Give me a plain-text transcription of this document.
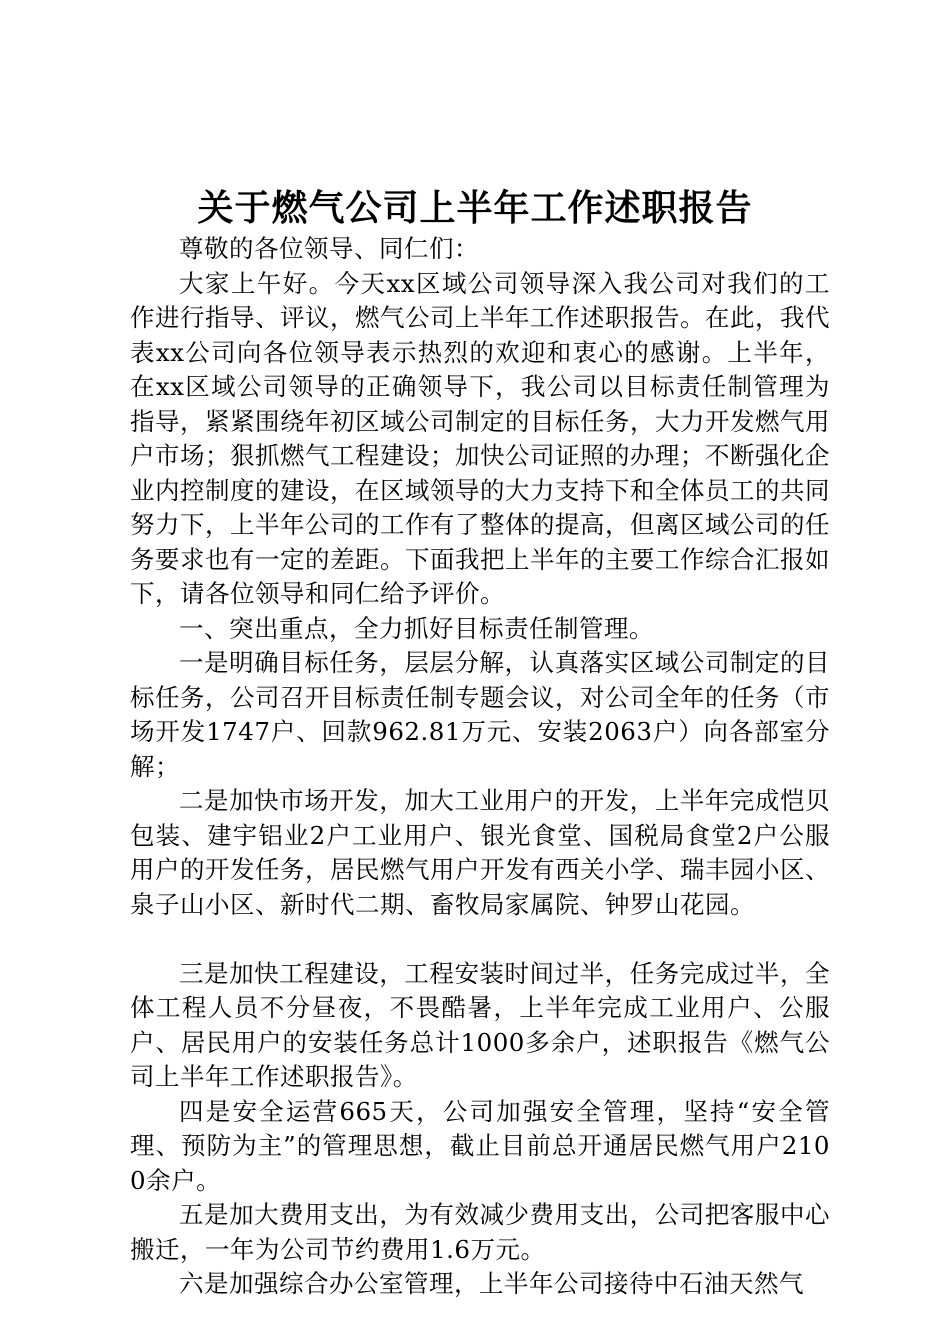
关于燃气公司上半年工作述职报告

尊敬的各位领导、同仁们：

大家上午好。今天xx区域公司领导深入我公司对我们的工作进行指导、评议，燃气公司上半年工作述职报告。在此，我代表xx公司向各位领导表示热烈的欢迎和衷心的感谢。上半年，在xx区域公司领导的正确领导下，我公司以目标责任制管理为指导，紧紧围绕年初区域公司制定的目标任务，大力开发燃气用户市场；狠抓燃气工程建设；加快公司证照的办理；不断强化企业内控制度的建设，在区域领导的大力支持下和全体员工的共同努力下，上半年公司的工作有了整体的提高，但离区域公司的任务要求也有一定的差距。下面我把上半年的主要工作综合汇报如下，请各位领导和同仁给予评价。

一、突出重点，全力抓好目标责任制管理。

一是明确目标任务，层层分解，认真落实区域公司制定的目标任务，公司召开目标责任制专题会议，对公司全年的任务（市场开发1747户、回款962.81万元、安装2063户）向各部室分解；

二是加快市场开发，加大工业用户的开发，上半年完成恺贝包装、建宇铝业2户工业用户、银光食堂、国税局食堂2户公服用户的开发任务，居民燃气用户开发有西关小学、瑞丰园小区、泉子山小区、新时代二期、畜牧局家属院、钟罗山花园。

三是加快工程建设，工程安装时间过半，任务完成过半，全体工程人员不分昼夜，不畏酷暑，上半年完成工业用户、公服户、居民用户的安装任务总计1000多余户，述职报告《燃气公司上半年工作述职报告》。

四是安全运营665天，公司加强安全管理，坚持“安全管理、预防为主”的管理思想，截止目前总开通居民燃气用户2100余户。

五是加大费用支出，为有效减少费用支出，公司把客服中心搬迁，一年为公司节约费用1.6万元。

六是加强综合办公室管理，上半年公司接待中石油天然气
